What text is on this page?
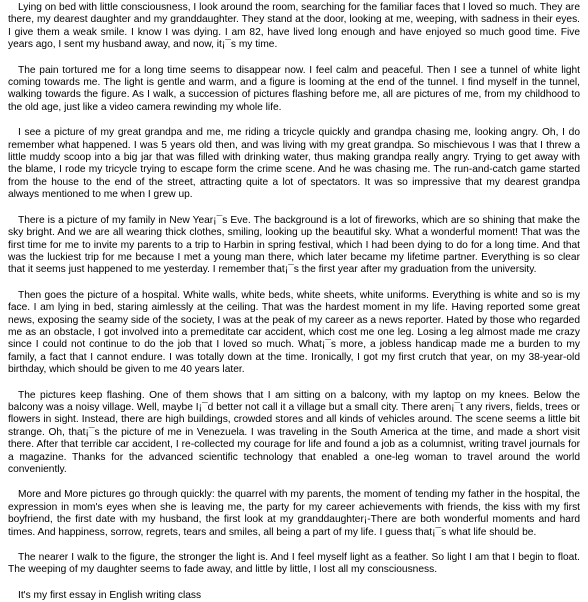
Lying on bed with little consciousness, I look around the room, searching for the familiar faces that I loved so much. They are there, my dearest daughter and my granddaughter. They stand at the door, looking at me, weeping, with sadness in their eyes. I give them a weak smile. I know I was dying. I am 82, have lived long enough and have enjoyed so much good time. Five years ago, I sent my husband away, and now, it¡¯s my time.

The pain tortured me for a long time seems to disappear now. I feel calm and peaceful. Then I see a tunnel of white light coming towards me. The light is gentle and warm, and a figure is looming at the end of the tunnel. I find myself in the tunnel, walking towards the figure. As I walk, a succession of pictures flashing before me, all are pictures of me, from my childhood to the old age, just like a video camera rewinding my whole life.

I see a picture of my great grandpa and me, me riding a tricycle quickly and grandpa chasing me, looking angry. Oh, I do remember what happened. I was 5 years old then, and was living with my great grandpa. So mischievous I was that I threw a little muddy scoop into a big jar that was filled with drinking water, thus making grandpa really angry. Trying to get away with the blame, I rode my tricycle trying to escape form the crime scene. And he was chasing me. The run-and-catch game started from the house to the end of the street, attracting quite a lot of spectators. It was so impressive that my dearest grandpa always mentioned to me when I grew up.

There is a picture of my family in New Year¡¯s Eve. The background is a lot of fireworks, which are so shining that make the sky bright. And we are all wearing thick clothes, smiling, looking up the beautiful sky. What a wonderful moment! That was the first time for me to invite my parents to a trip to Harbin in spring festival, which I had been dying to do for a long time. And that was the luckiest trip for me because I met a young man there, which later became my lifetime partner. Everything is so clear that it seems just happened to me yesterday. I remember that¡¯s the first year after my graduation from the university.

Then goes the picture of a hospital. White walls, white beds, white sheets, white uniforms. Everything is white and so is my face. I am lying in bed, staring aimlessly at the ceiling. That was the hardest moment in my life. Having reported some great news, exposing the seamy side of the society, I was at the peak of my career as a news reporter. Hated by those who regarded me as an obstacle, I got involved into a premeditate car accident, which cost me one leg. Losing a leg almost made me crazy since I could not continue to do the job that I loved so much. What¡¯s more, a jobless handicap made me a burden to my family, a fact that I cannot endure. I was totally down at the time. Ironically, I got my first crutch that year, on my 38-year-old birthday, which should be given to me 40 years later.

The pictures keep flashing. One of them shows that I am sitting on a balcony, with my laptop on my knees. Below the balcony was a noisy village. Well, maybe I¡¯d better not call it a village but a small city. There aren¡¯t any rivers, fields, trees or flowers in sight. Instead, there are high buildings, crowded stores and all kinds of vehicles around. The scene seems a little bit strange. Oh, that¡¯s the picture of me in Venezuela. I was traveling in the South America at the time, and made a short visit there. After that terrible car accident, I re-collected my courage for life and found a job as a columnist, writing travel journals for a magazine. Thanks for the advanced scientific technology that enabled a one-leg woman to travel around the world conveniently.

More and More pictures go through quickly: the quarrel with my parents, the moment of tending my father in the hospital, the expression in mom's eyes when she is leaving me, the party for my career achievements with friends, the kiss with my first boyfriend, the first date with my husband, the first look at my granddaughter¡-There are both wonderful moments and hard times. And happiness, sorrow, regrets, tears and smiles, all being a part of my life. I guess that¡¯s what life should be.

The nearer I walk to the figure, the stronger the light is. And I feel myself light as a feather. So light I am that I begin to float. The weeping of my daughter seems to fade away, and little by little, I lost all my consciousness.

It's my first essay in English writing class
